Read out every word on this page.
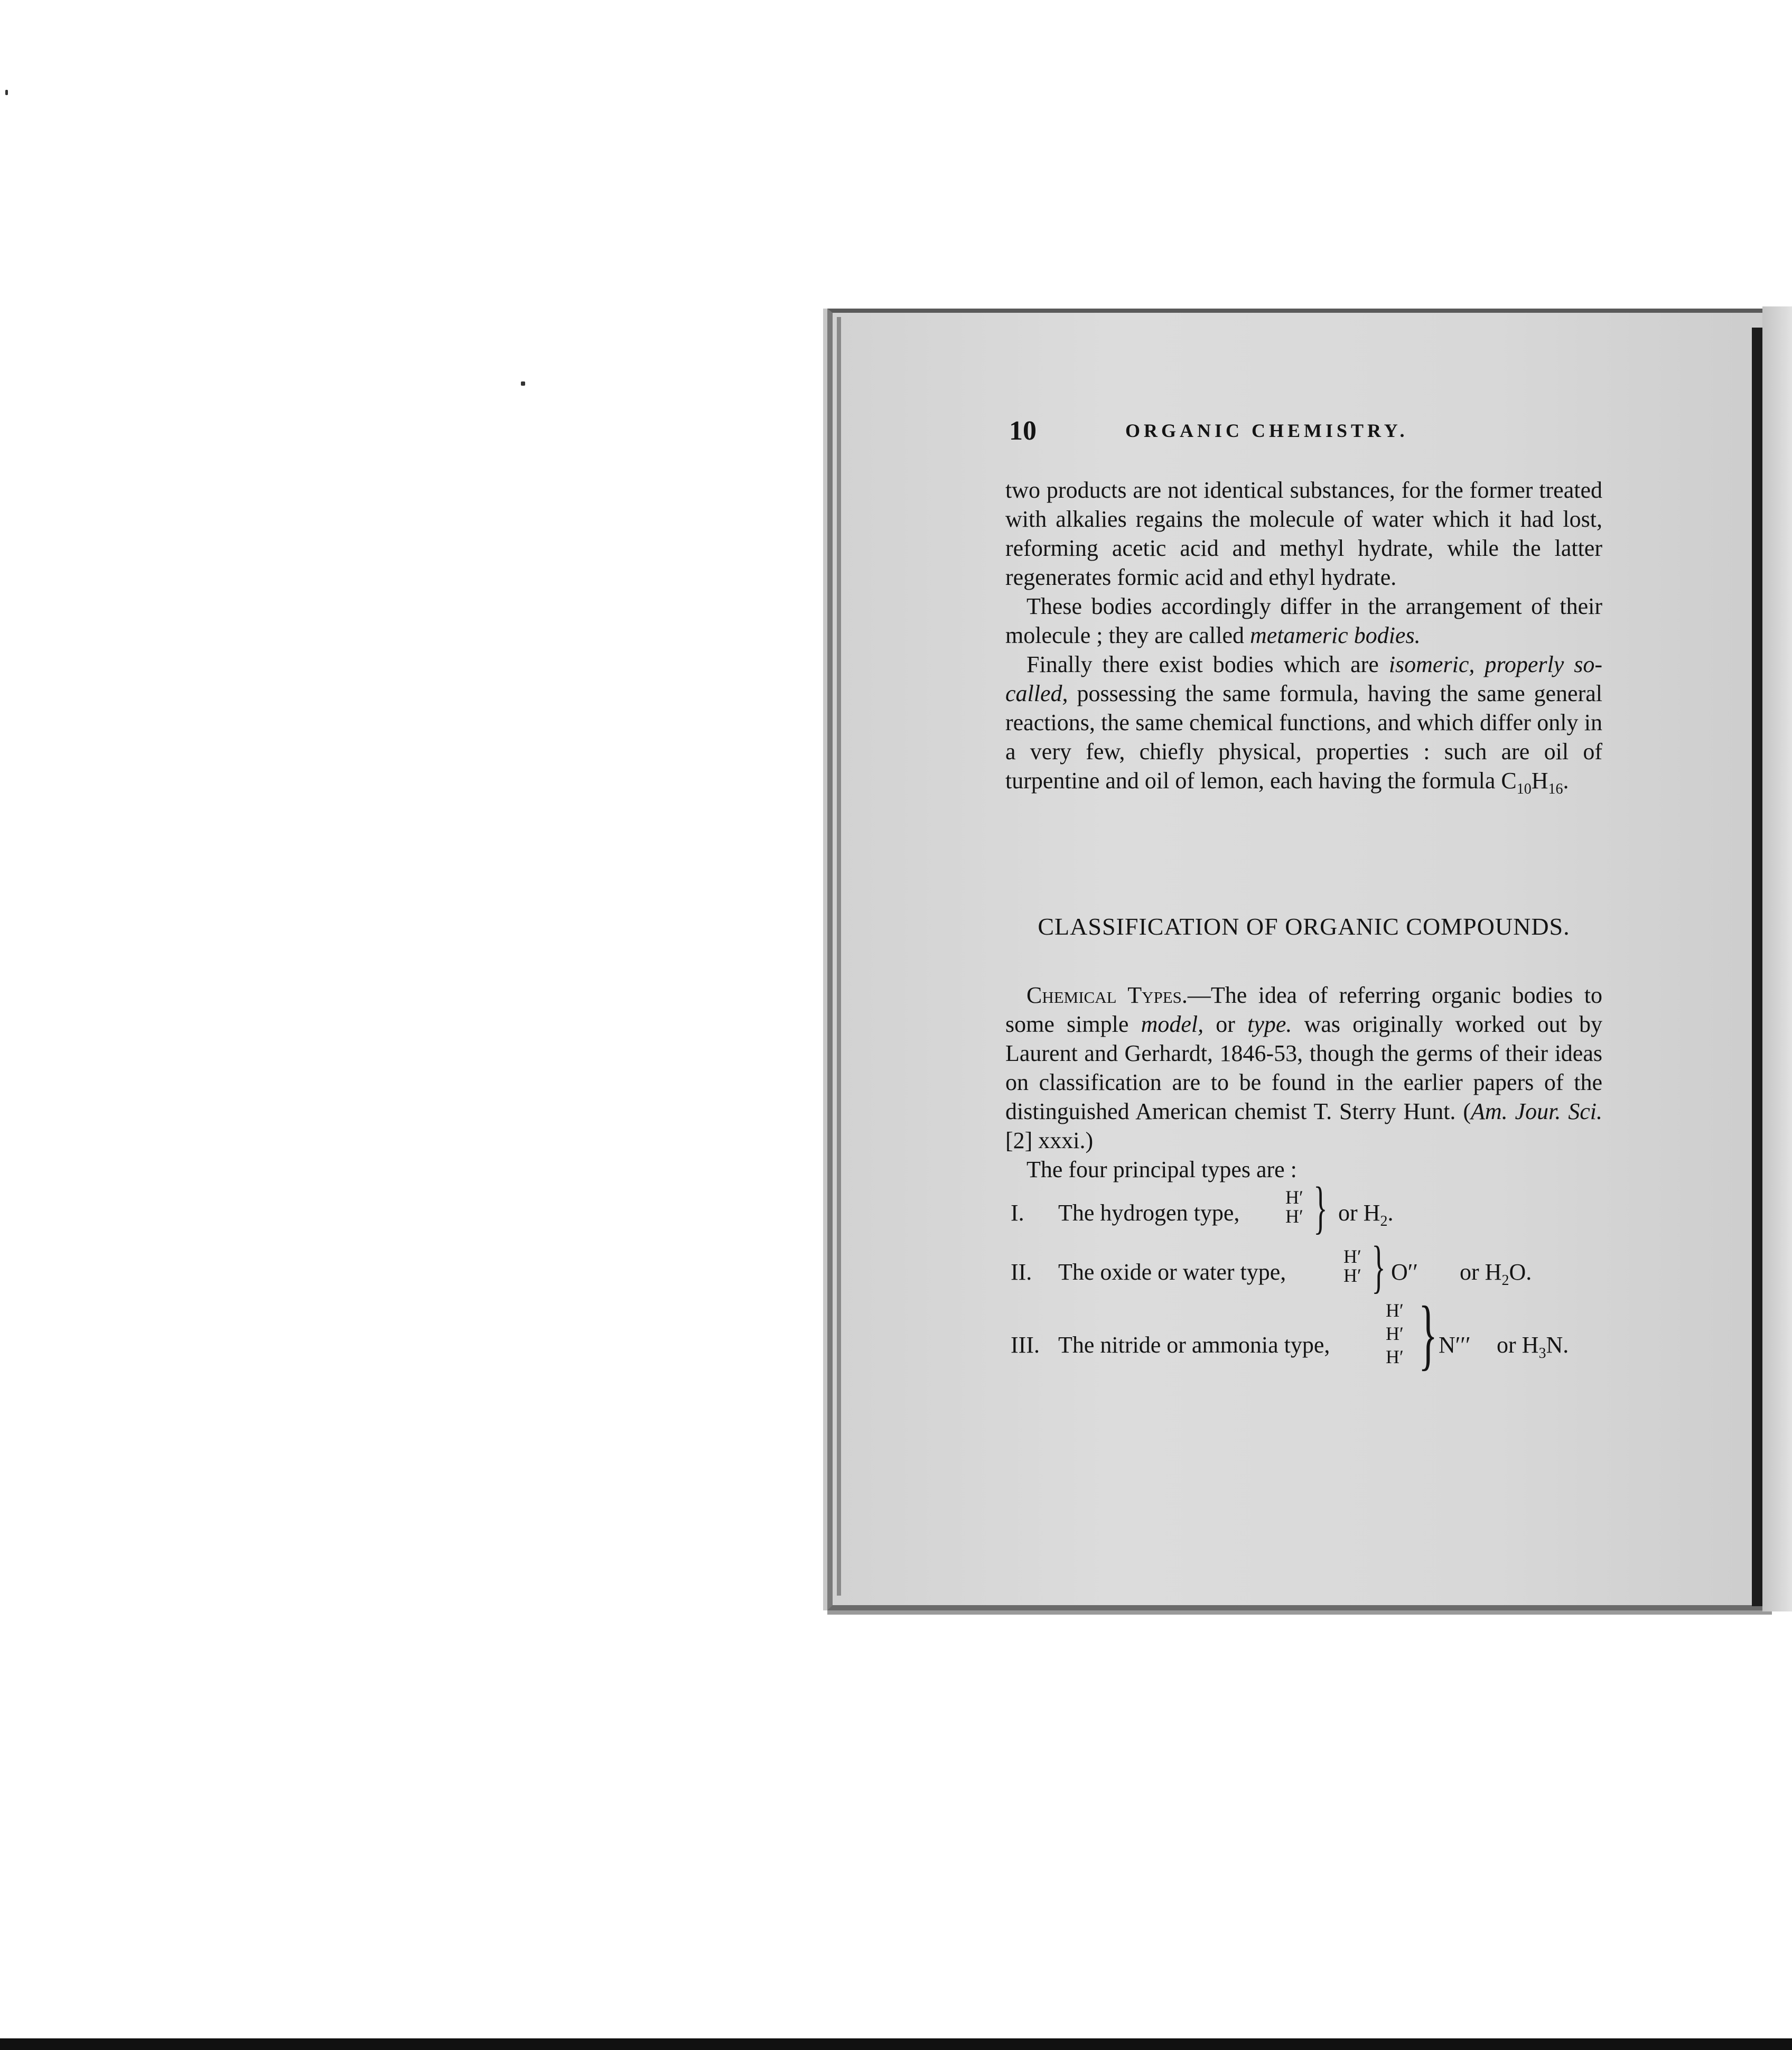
10	ORGANIC CHEMISTRY.

two products are not identical substances, for the former treated with alkalies regains the molecule of water which it had lost, reforming acetic acid and methyl hydrate, while the latter regenerates formic acid and ethyl hydrate.

These bodies accordingly differ in the arrangement of their molecule ; they are called metameric bodies.

Finally there exist bodies which are isomeric, properly so-called, possessing the same formula, having the same general reactions, the same chemical functions, and which differ only in a very few, chiefly physical, properties : such are oil of turpentine and oil of lemon, each having the formula $C_{10}H_{16}$.

CLASSIFICATION OF ORGANIC COMPOUNDS.

Chemical Types.—The idea of referring organic bodies to some simple model, or type. was originally worked out by Laurent and Gerhardt, 1846-53, though the germs of their ideas on classification are to be found in the earlier papers of the distinguished American chemist T. Sterry Hunt. (Am. Jour. Sci. [2] xxxi.)

The four principal types are :

I. The hydrogen type,
H′
H′ } or $H_2$.
II. The oxide or water type,
H′
H′ } O′′ or $H_2O$.
III. The nitride or ammonia type,
H′
H′
H′ } N′′′ or $H_3N$.
